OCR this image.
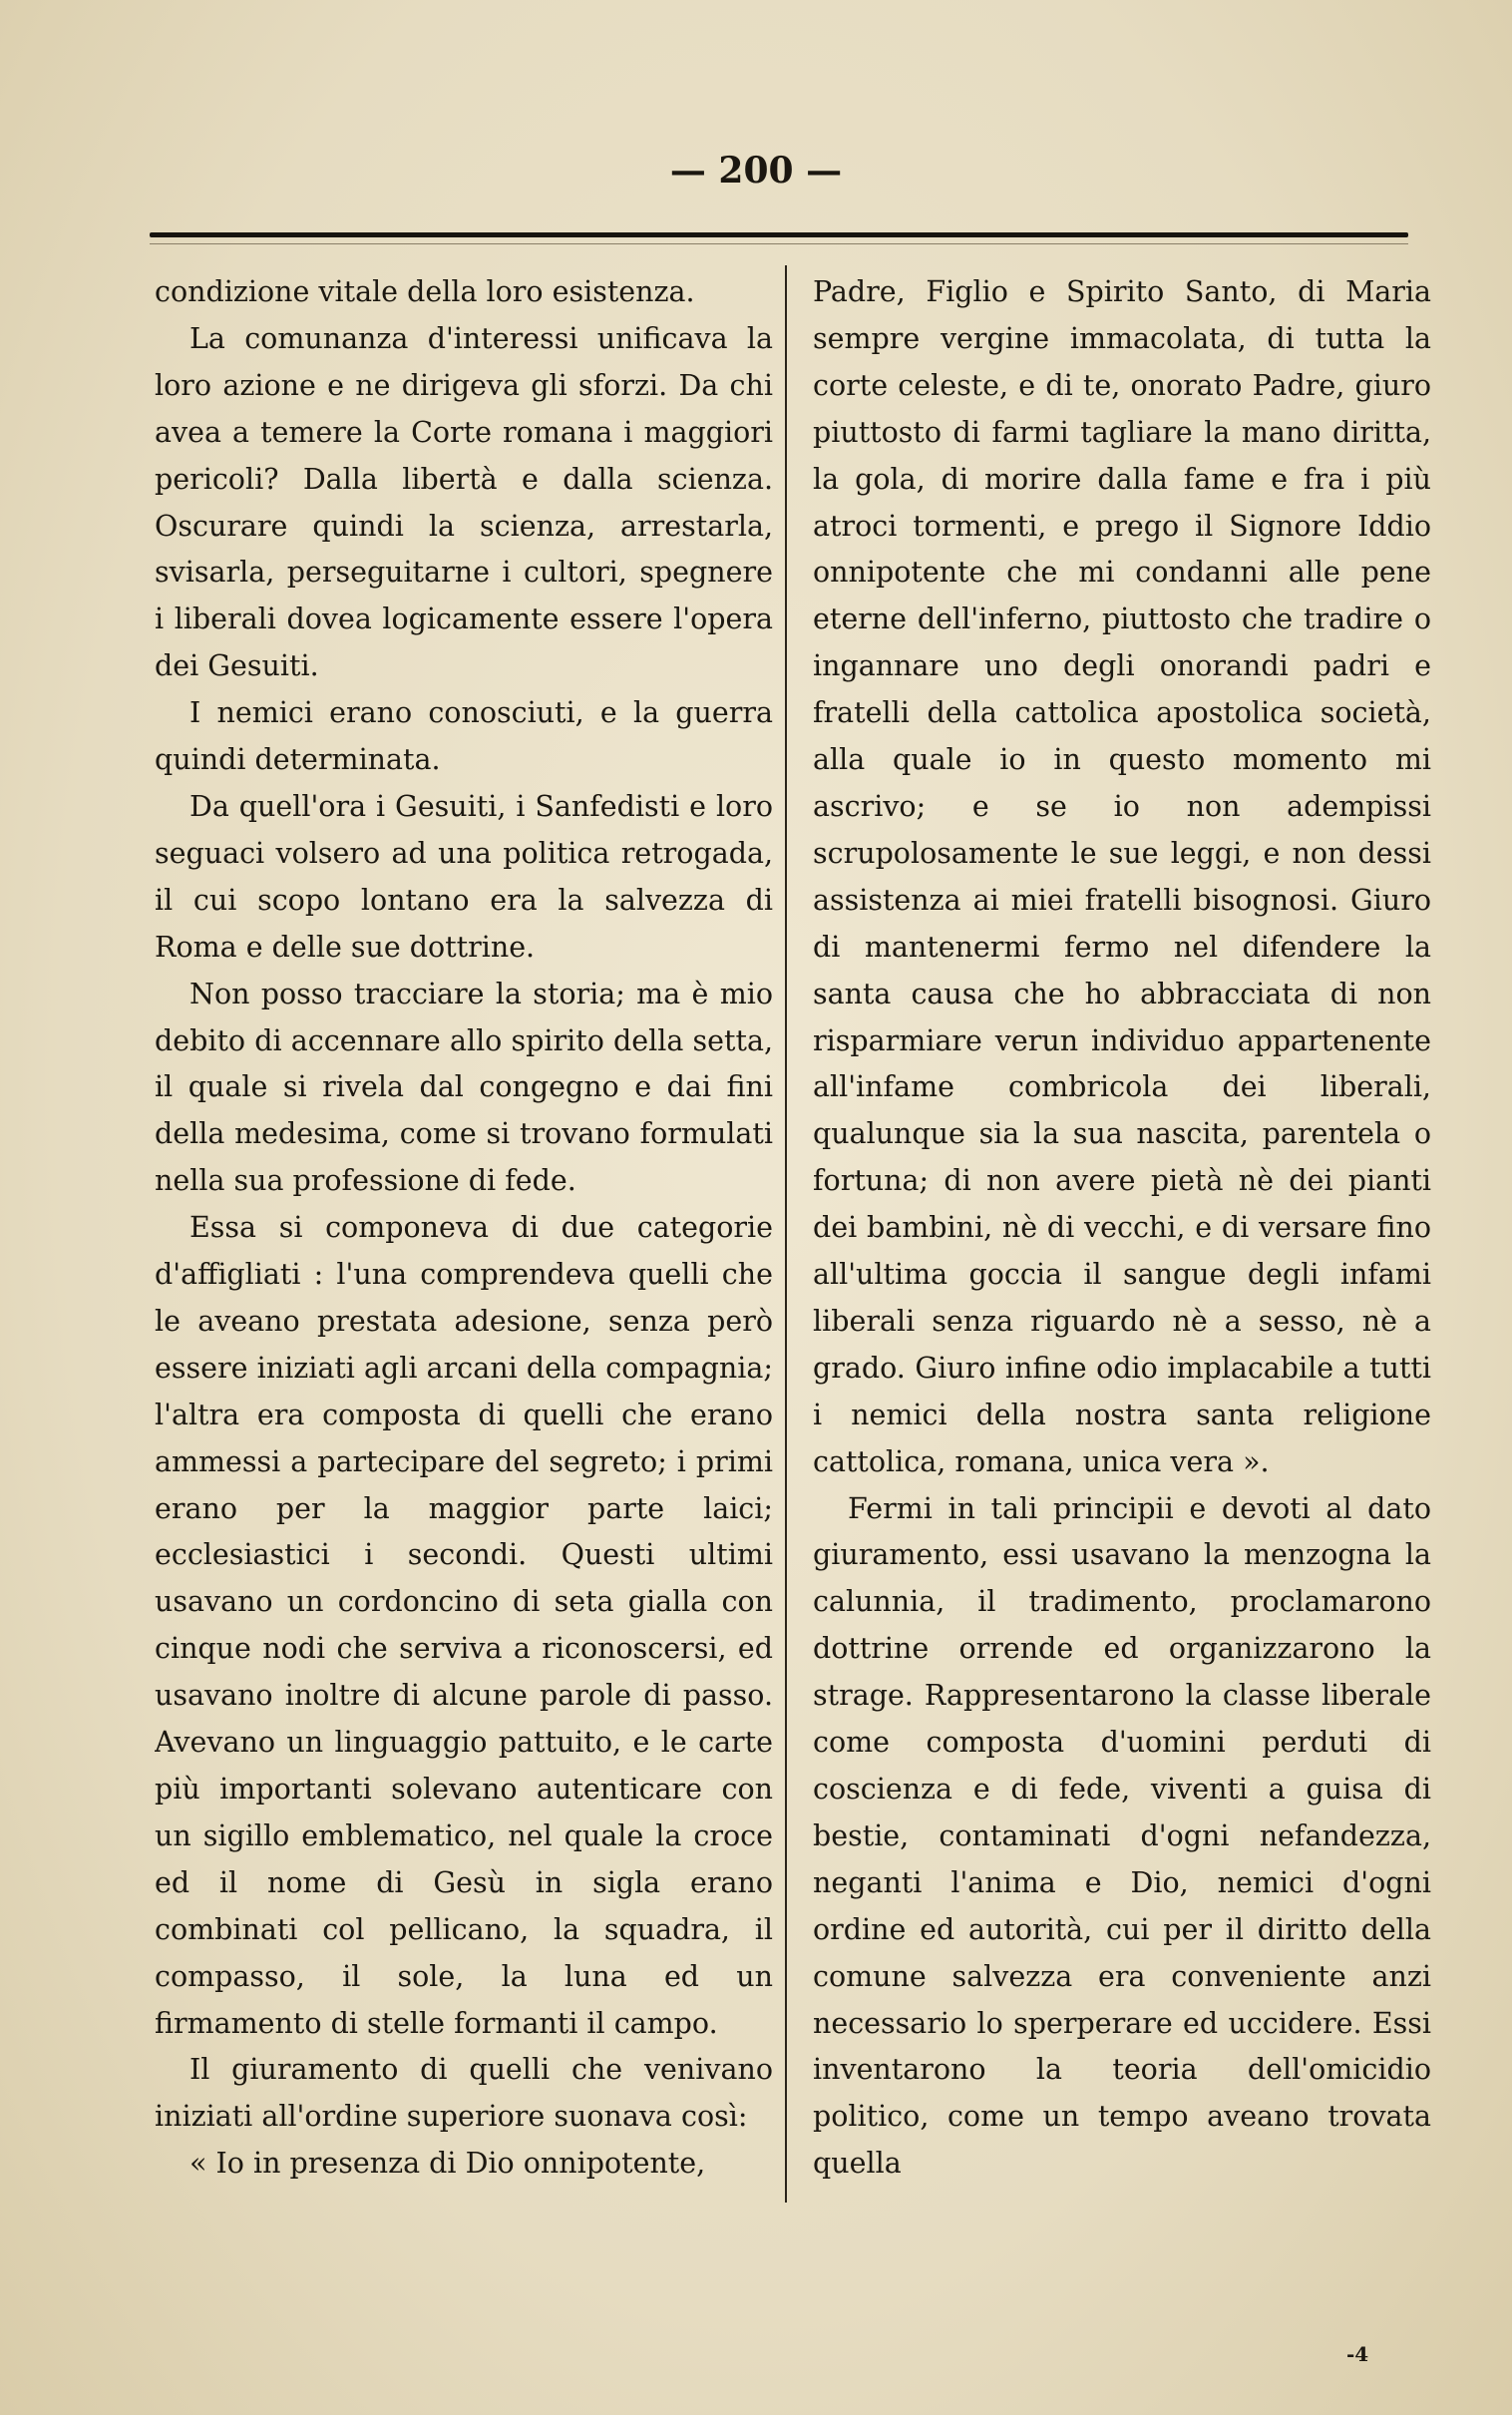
— 200 —

condizione vitale della loro esistenza.

La comunanza d'interessi unificava la loro azione e ne dirigeva gli sforzi. Da chi avea a temere la Corte romana i maggiori pericoli? Dalla libertà e dalla scienza. Oscurare quindi la scienza, arrestarla, svisarla, perseguitarne i cultori, spegnere i liberali dovea logicamente essere l'opera dei Gesuiti.

I nemici erano conosciuti, e la guerra quindi determinata.

Da quell'ora i Gesuiti, i Sanfedisti e loro seguaci volsero ad una politica retrogada, il cui scopo lontano era la salvezza di Roma e delle sue dottrine.

Non posso tracciare la storia; ma è mio debito di accennare allo spirito della setta, il quale si rivela dal congegno e dai fini della medesima, come si trovano formulati nella sua professione di fede.

Essa si componeva di due categorie d'affigliati : l'una comprendeva quelli che le aveano prestata adesione, senza però essere iniziati agli arcani della compagnia; l'altra era composta di quelli che erano ammessi a partecipare del segreto; i primi erano per la maggior parte laici; ecclesiastici i secondi. Questi ultimi usavano un cordoncino di seta gialla con cinque nodi che serviva a riconoscersi, ed usavano inoltre di alcune parole di passo. Avevano un linguaggio pattuito, e le carte più importanti solevano autenticare con un sigillo emblematico, nel quale la croce ed il nome di Gesù in sigla erano combinati col pellicano, la squadra, il compasso, il sole, la luna ed un firmamento di stelle formanti il campo.

Il giuramento di quelli che venivano iniziati all'ordine superiore suonava così:

« Io in presenza di Dio onnipotente,

Padre, Figlio e Spirito Santo, di Maria sempre vergine immacolata, di tutta la corte celeste, e di te, onorato Padre, giuro piuttosto di farmi tagliare la mano diritta, la gola, di morire dalla fame e fra i più atroci tormenti, e prego il Signore Iddio onnipotente che mi condanni alle pene eterne dell'inferno, piuttosto che tradire o ingannare uno degli onorandi padri e fratelli della cattolica apostolica società, alla quale io in questo momento mi ascrivo; e se io non adempissi scrupolosamente le sue leggi, e non dessi assistenza ai miei fratelli bisognosi. Giuro di mantenermi fermo nel difendere la santa causa che ho abbracciata di non risparmiare verun individuo appartenente all'infame combricola dei liberali, qualunque sia la sua nascita, parentela o fortuna; di non avere pietà nè dei pianti dei bambini, nè di vecchi, e di versare fino all'ultima goccia il sangue degli infami liberali senza riguardo nè a sesso, nè a grado. Giuro infine odio implacabile a tutti i nemici della nostra santa religione cattolica, romana, unica vera ».

Fermi in tali principii e devoti al dato giuramento, essi usavano la menzogna la calunnia, il tradimento, proclamarono dottrine orrende ed organizzarono la strage. Rappresentarono la classe liberale come composta d'uomini perduti di coscienza e di fede, viventi a guisa di bestie, contaminati d'ogni nefandezza, neganti l'anima e Dio, nemici d'ogni ordine ed autorità, cui per il diritto della comune salvezza era conveniente anzi necessario lo sperperare ed uccidere. Essi inventarono la teoria dell'omicidio politico, come un tempo aveano trovata quella

-4
